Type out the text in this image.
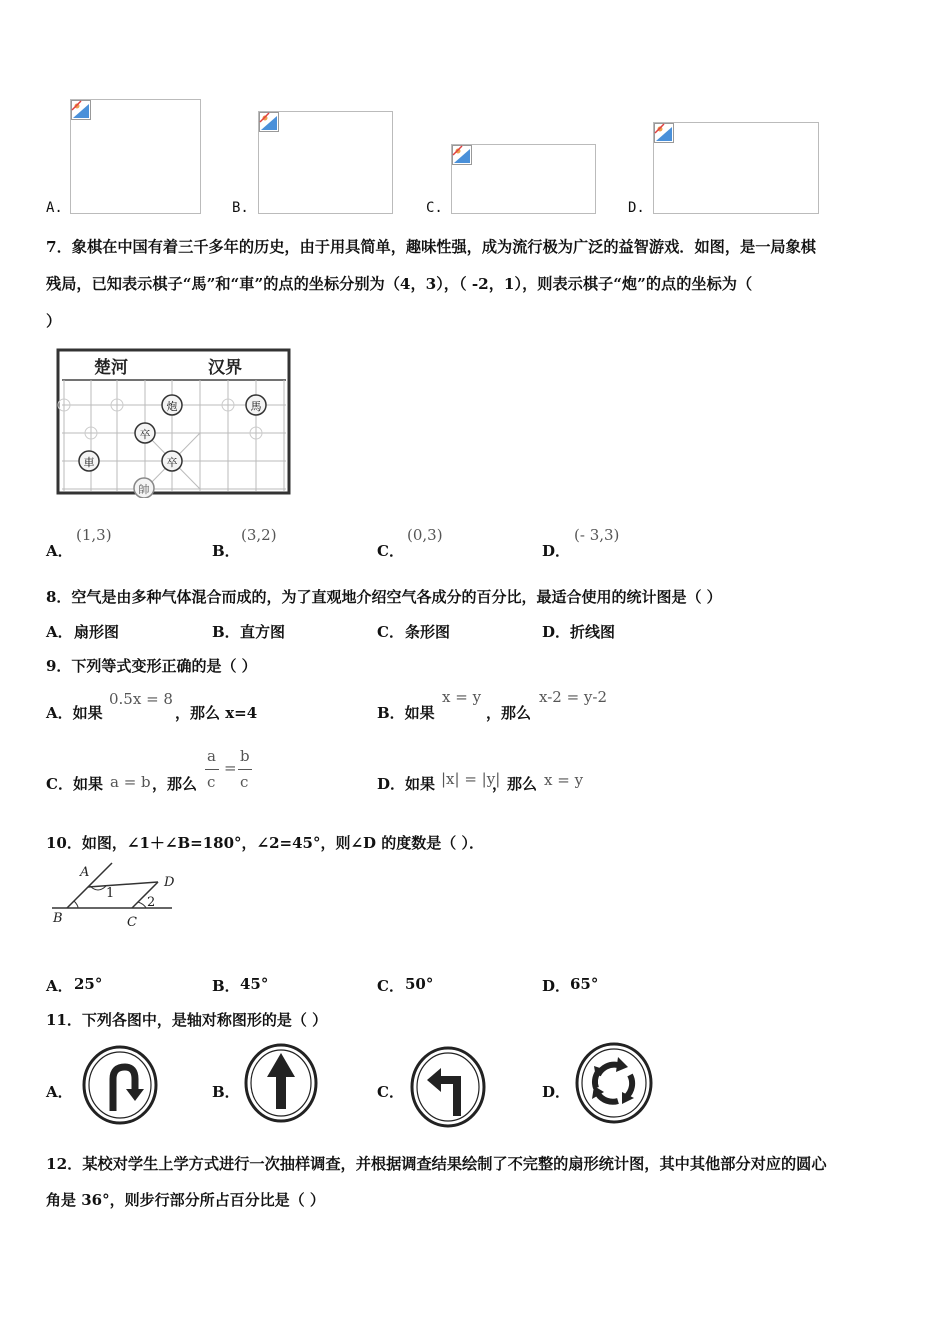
A.	B.	C.	D.
7．象棋在中国有着三千多年的历史，由于用具简单，趣味性强，成为流行极为广泛的益智游戏．如图，是一局象棋
残局，已知表示棋子“馬”和“車”的点的坐标分别为（4，3），（ -2，1），则表示棋子“炮”的点的坐标为（
）
楚河	汉界
炮	馬
卒
車	卒
帥
A．
(1,3)
B．
(3,2)
C．
(0,3)
D．
(- 3,3)
8．空气是由多种气体混合而成的，为了直观地介绍空气各成分的百分比，最适合使用的统计图是（ ）
A． 扇形图	B． 直方图	C． 条形图	D． 折线图
9．下列等式变形正确的是（ ）
A．如果
0.5x = 8
，那么 x=4	B．如果
x = y
，那么
x-2 = y-2
C．如果 a = b ，那么
a
c
=
b
c	D．如果 |x| = |y|
，那么 x = y
10．如图，∠1＋∠B=180°，∠2=45°，则∠D 的度数是（ ）．
A
1
D
2
B	C
A． 25°	B． 45°	C． 50°	D． 65°
11．下列各图中，是轴对称图形的是（ ）
A．	B．	C．	D．
12．某校对学生上学方式进行一次抽样调查，并根据调查结果绘制了不完整的扇形统计图，其中其他部分对应的圆心
角是 36°，则步行部分所占百分比是（ ）
